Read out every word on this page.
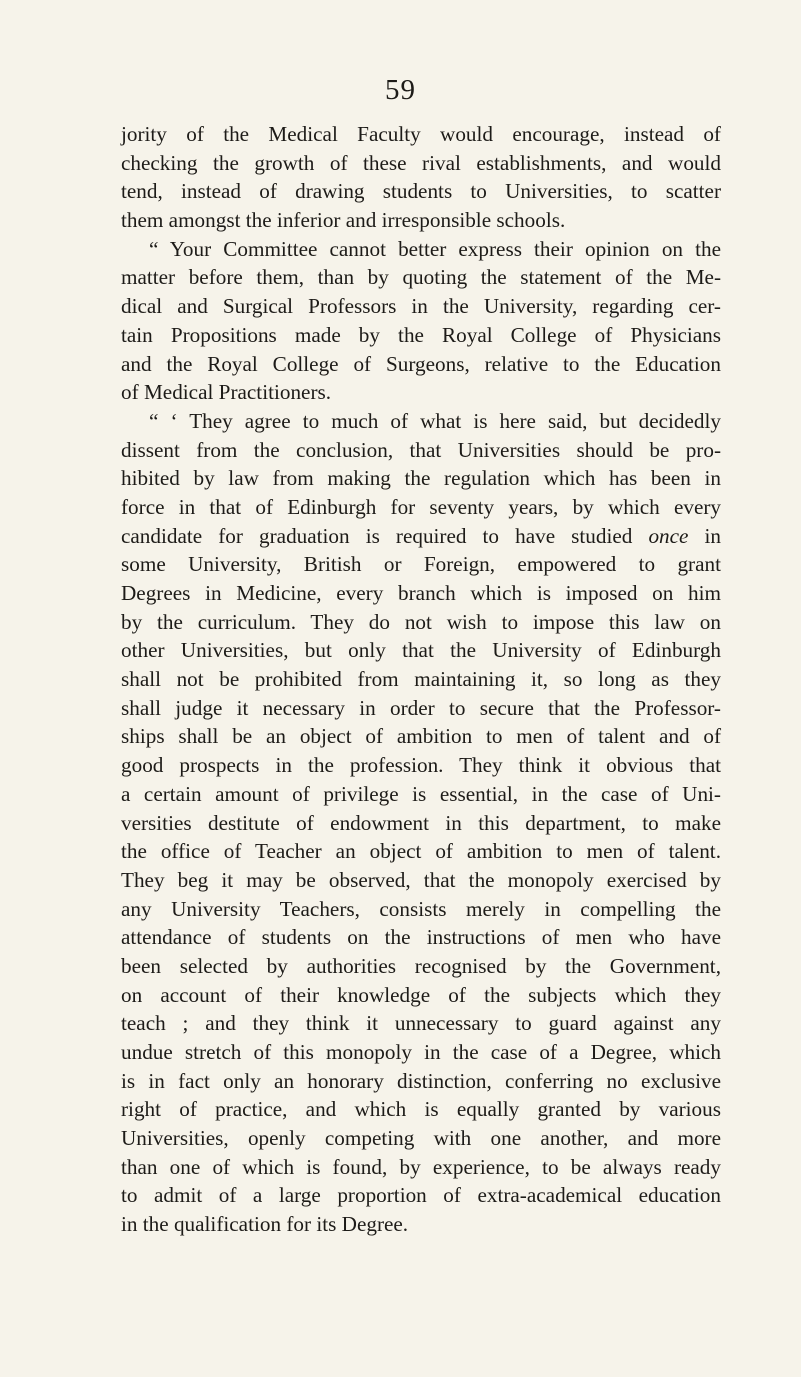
59
jority of the Medical Faculty would encourage, instead of
checking the growth of these rival establishments, and would
tend, instead of drawing students to Universities, to scatter
them amongst the inferior and irresponsible schools.
“ Your Committee cannot better express their opinion on the
matter before them, than by quoting the statement of the Me-
dical and Surgical Professors in the University, regarding cer-
tain Propositions made by the Royal College of Physicians
and the Royal College of Surgeons, relative to the Education
of Medical Practitioners.
“ ‘ They agree to much of what is here said, but decidedly
dissent from the conclusion, that Universities should be pro-
hibited by law from making the regulation which has been in
force in that of Edinburgh for seventy years, by which every
candidate for graduation is required to have studied once in
some University, British or Foreign, empowered to grant
Degrees in Medicine, every branch which is imposed on him
by the curriculum. They do not wish to impose this law on
other Universities, but only that the University of Edinburgh
shall not be prohibited from maintaining it, so long as they
shall judge it necessary in order to secure that the Professor-
ships shall be an object of ambition to men of talent and of
good prospects in the profession. They think it obvious that
a certain amount of privilege is essential, in the case of Uni-
versities destitute of endowment in this department, to make
the office of Teacher an object of ambition to men of talent.
They beg it may be observed, that the monopoly exercised by
any University Teachers, consists merely in compelling the
attendance of students on the instructions of men who have
been selected by authorities recognised by the Government,
on account of their knowledge of the subjects which they
teach ; and they think it unnecessary to guard against any
undue stretch of this monopoly in the case of a Degree, which
is in fact only an honorary distinction, conferring no exclusive
right of practice, and which is equally granted by various
Universities, openly competing with one another, and more
than one of which is found, by experience, to be always ready
to admit of a large proportion of extra-academical education
in the qualification for its Degree.
